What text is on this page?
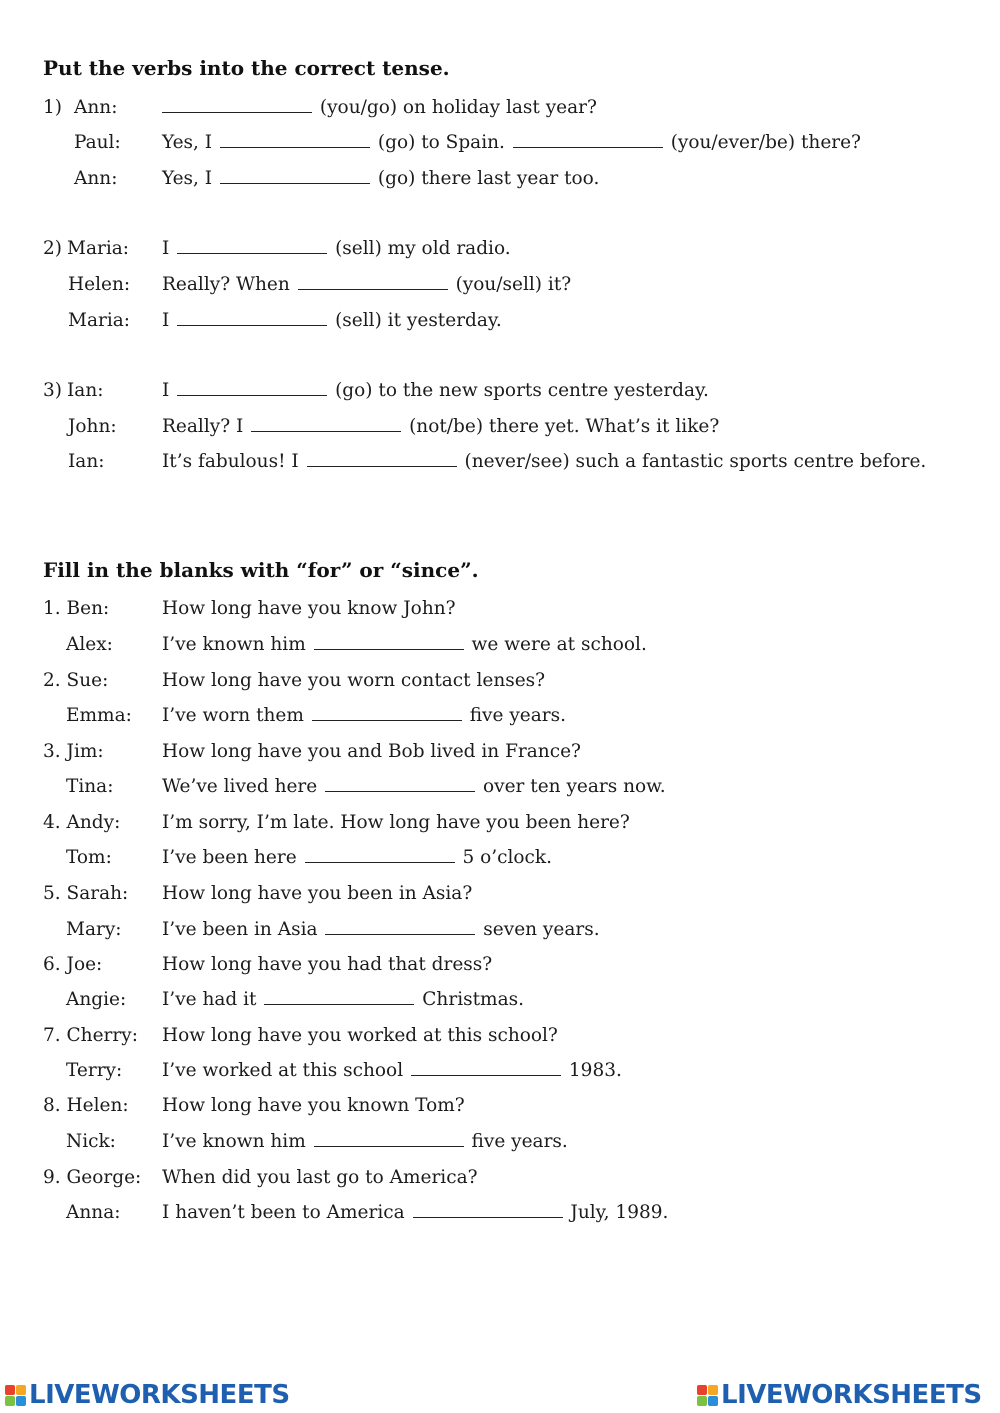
Put the verbs into the correct tense.
1) Ann:	(you/go) on holiday last year?
Paul: Yes, I	(go) to Spain.	(you/ever/be) there?
Ann: Yes, I	(go) there last year too.
2) Maria: I	(sell) my old radio.
Helen: Really? When	(you/sell) it?
Maria: I	(sell) it yesterday.
3) Ian:	I	(go) to the new sports centre yesterday.
John: Really? I	(not/be) there yet. What’s it like?
Ian:	It’s fabulous! I	(never/see) such a fantastic sports centre before.
Fill in the blanks with “for” or “since”.
1. Ben:	How long have you know John?
Alex:	I’ve known him	we were at school.
2. Sue:	How long have you worn contact lenses?
Emma: I’ve worn them	five years.
3. Jim:	How long have you and Bob lived in France?
Tina:	We’ve lived here	over ten years now.
4. Andy: I’m sorry, I’m late. How long have you been here?
Tom:	I’ve been here	5 o’clock.
5. Sarah: How long have you been in Asia?
Mary: I’ve been in Asia	seven years.
6. Joe:	How long have you had that dress?
Angie: I’ve had it	Christmas.
7. Cherry: How long have you worked at this school?
Terry: I’ve worked at this school	1983.
8. Helen: How long have you known Tom?
Nick: I’ve known him	five years.
9. George: When did you last go to America?
Anna: I haven’t been to America	July, 1989.
LIVEWORKSHEETS	LIVEWORKSHEETS
